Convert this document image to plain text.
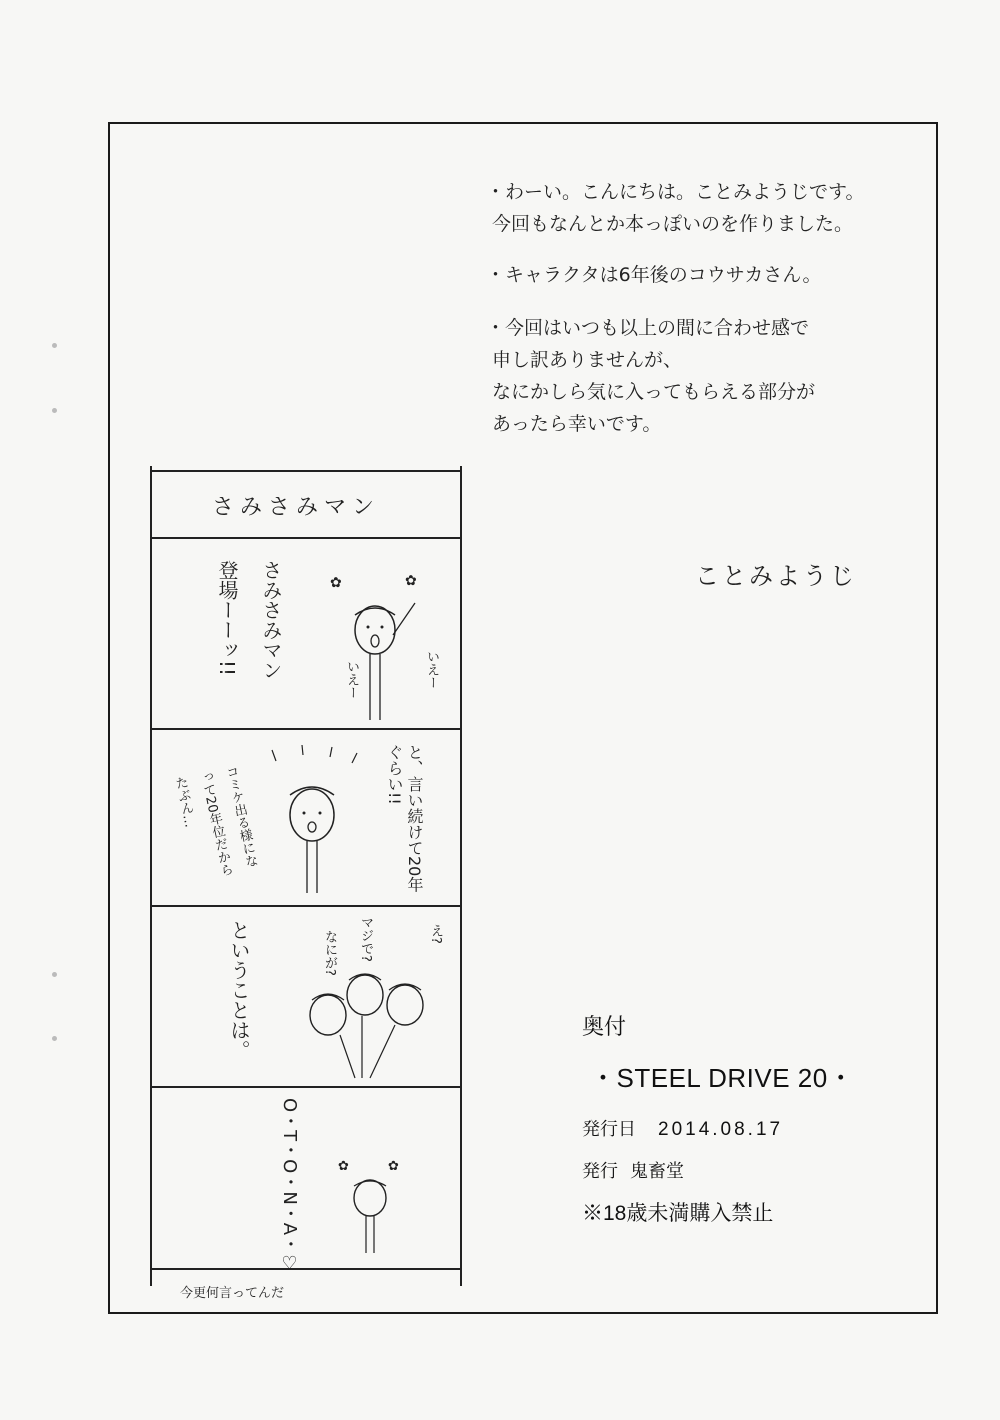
・わーい。こんにちは。ことみようじです。
今回もなんとか本っぽいのを作りました。
・キャラクタは6年後のコウサカさん。
・今回はいつも以上の間に合わせ感で
申し訳ありませんが、
なにかしら気に入ってもらえる部分が
あったら幸いです。
ことみようじ
さみさみマン
さみさみマン
登場ーーッ!!	いえー
いえー
✿	✿
と、言い続けて20年ぐらい!!
コミケ出る様になって20年位だからたぶん…
ということは。	マジで?
なにが?	え?
O・T・O・N・A・♡	✿	✿
今更何言ってんだ
奥付
・STEEL DRIVE 20・
発行日 2014.08.17
発行 鬼畜堂
※18歳未満購入禁止
